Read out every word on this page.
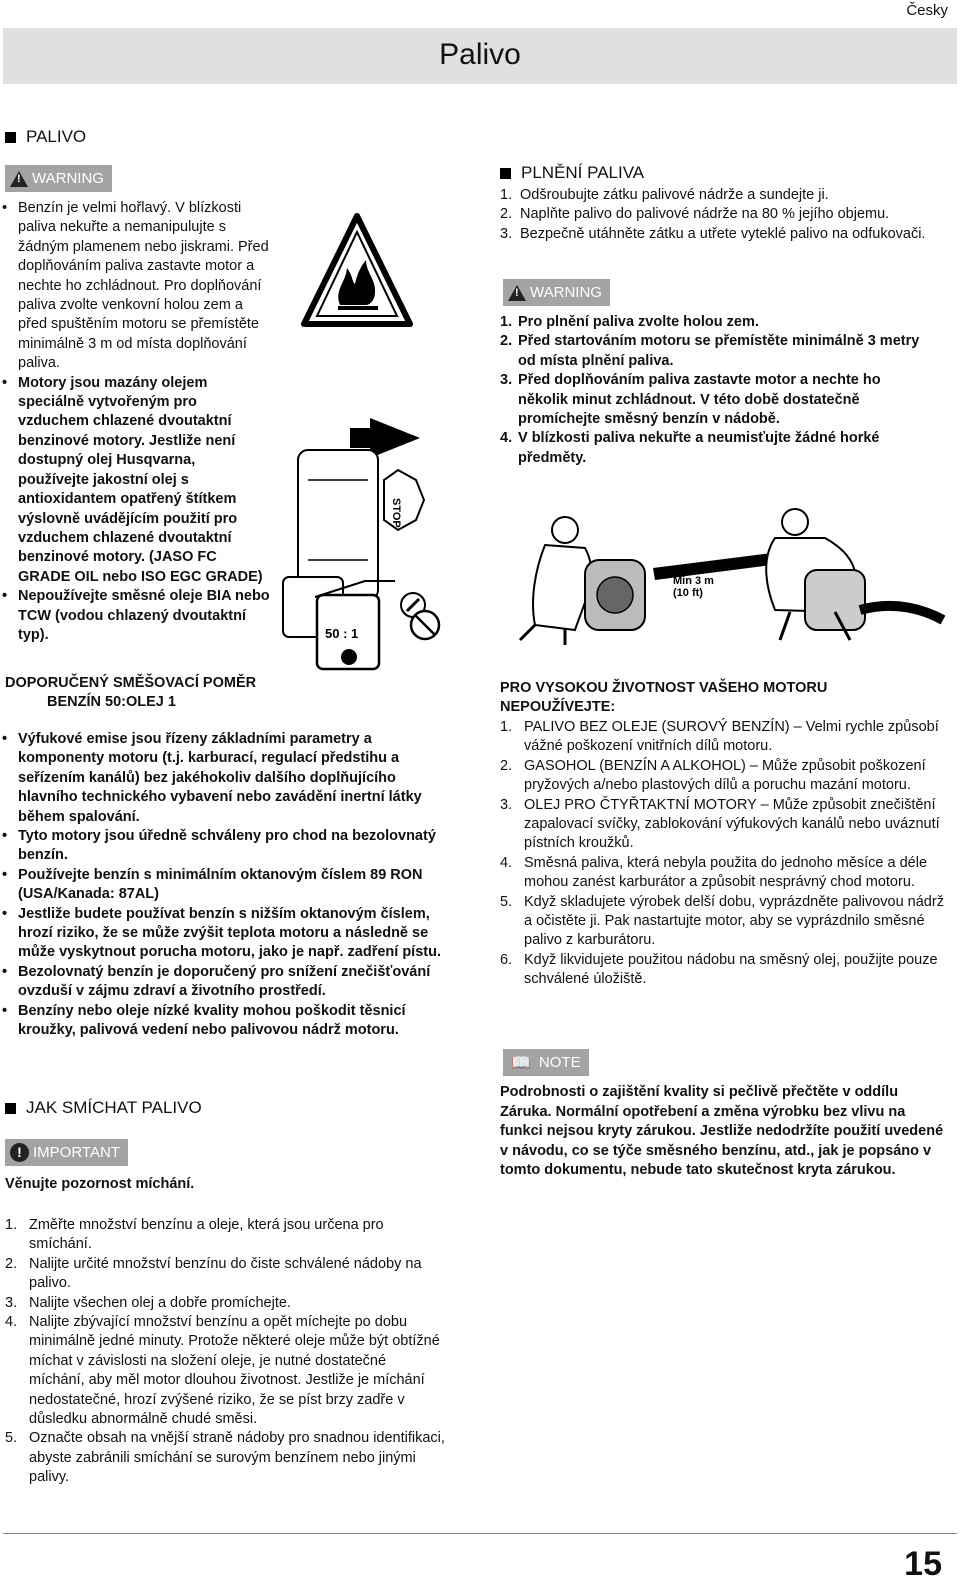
Česky
Palivo
PALIVO
!
WARNING
• Benzín je velmi hořlavý. V blízkosti paliva nekuřte a nemanipulujte s žádným plamenem nebo jiskrami. Před doplňováním paliva zastavte motor a nechte ho zchládnout. Pro doplňování paliva zvolte venkovní holou zem a před spuštěním motoru se přemístěte minimálně 3 m od místa doplňování paliva.
• Motory jsou mazány olejem speciálně vytvořeným pro vzduchem chlazené dvoutaktní benzinové motory. Jestliže není dostupný olej Husqvarna, používejte jakostní olej s antioxidantem opatřený štítkem výslovně uvádějícím použití pro vzduchem chlazené dvoutaktní benzinové motory. (JASO FC GRADE OIL nebo ISO EGC GRADE)
• Nepoužívejte směsné oleje BIA nebo TCW (vodou chlazený dvoutaktní typ).
DOPORUČENÝ SMĚŠOVACÍ POMĚR
BENZÍN 50:OLEJ 1
• Výfukové emise jsou řízeny základními parametry a komponenty motoru (t.j. karburací, regulací předstihu a seřízením kanálů) bez jakéhokoliv dalšího doplňujícího hlavního technického vybavení nebo zavádění inertní látky během spalování.
• Tyto motory jsou úředně schváleny pro chod na bezolovnatý benzín.
• Používejte benzín s minimálním oktanovým číslem 89 RON (USA/Kanada: 87AL)
• Jestliže budete používat benzín s nižším oktanovým číslem, hrozí riziko, že se může zvýšit teplota motoru a následně se může vyskytnout porucha motoru, jako je např. zadření pístu.
• Bezolovnatý benzín je doporučený pro snížení znečišťování ovzduší v zájmu zdraví a životního prostředí.
• Benzíny nebo oleje nízké kvality mohou poškodit těsnicí kroužky, palivová vedení nebo palivovou nádrž motoru.
JAK SMÍCHAT PALIVO
! IMPORTANT
Věnujte pozornost míchání.
1. Změřte množství benzínu a oleje, která jsou určena pro smíchání.
2. Nalijte určité množství benzínu do čiste schválené nádoby na palivo.
3. Nalijte všechen olej a dobře promíchejte.
4. Nalijte zbývající množství benzínu a opět míchejte po dobu minimálně jedné minuty. Protože některé oleje může být obtížné míchat v závislosti na složení oleje, je nutné dostatečné míchání, aby měl motor dlouhou životnost. Jestliže je míchání nedostatečné, hrozí zvýšené riziko, že se píst brzy zadře v důsledku abnormálně chudé směsi.
5. Označte obsah na vnější straně nádoby pro snadnou identifikaci, abyste zabránili smíchání se surovým benzínem nebo jinými palivy.
STOP
50 : 1
PLNĚNÍ PALIVA
1. Odšroubujte zátku palivové nádrže a sundejte ji.
2. Naplňte palivo do palivové nádrže na 80 % jejího objemu.
3. Bezpečně utáhněte zátku a utřete vyteklé palivo na odfukovači.
!
WARNING
1. Pro plnění paliva zvolte holou zem.
2. Před startováním motoru se přemístěte minimálně 3 metry od místa plnění paliva.
3. Před doplňováním paliva zastavte motor a nechte ho několik minut zchládnout. V této době dostatečně promíchejte směsný benzín v nádobě.
4. V blízkosti paliva nekuřte a neumisťujte žádné horké předměty.
Min 3 m
(10 ft)
PRO VYSOKOU ŽIVOTNOST VAŠEHO MOTORU NEPOUŽÍVEJTE:
1. PALIVO BEZ OLEJE (SUROVÝ BENZÍN) – Velmi rychle způsobí vážné poškození vnitřních dílů motoru.
2. GASOHOL (BENZÍN A ALKOHOL) – Může způsobit poškození pryžových a/nebo plastových dílů a poruchu mazání motoru.
3. OLEJ PRO ČTYŘTAKTNÍ MOTORY – Může způsobit znečištění zapalovací svíčky, zablokování výfukových kanálů nebo uváznutí pístních kroužků.
4. Směsná paliva, která nebyla použita do jednoho měsíce a déle mohou zanést karburátor a způsobit nesprávný chod motoru.
5. Když skladujete výrobek delší dobu, vyprázdněte palivovou nádrž a očistěte ji. Pak nastartujte motor, aby se vyprázdnilo směsné palivo z karburátoru.
6. Když likvidujete použitou nádobu na směsný olej, použijte pouze schválené úložiště.
📖 NOTE
Podrobnosti o zajištění kvality si pečlivě přečtěte v oddílu Záruka. Normální opotřebení a změna výrobku bez vlivu na funkci nejsou kryty zárukou. Jestliže nedodržíte použití uvedené v návodu, co se týče směsného benzínu, atd., jak je popsáno v tomto dokumentu, nebude tato skutečnost kryta zárukou.
15
